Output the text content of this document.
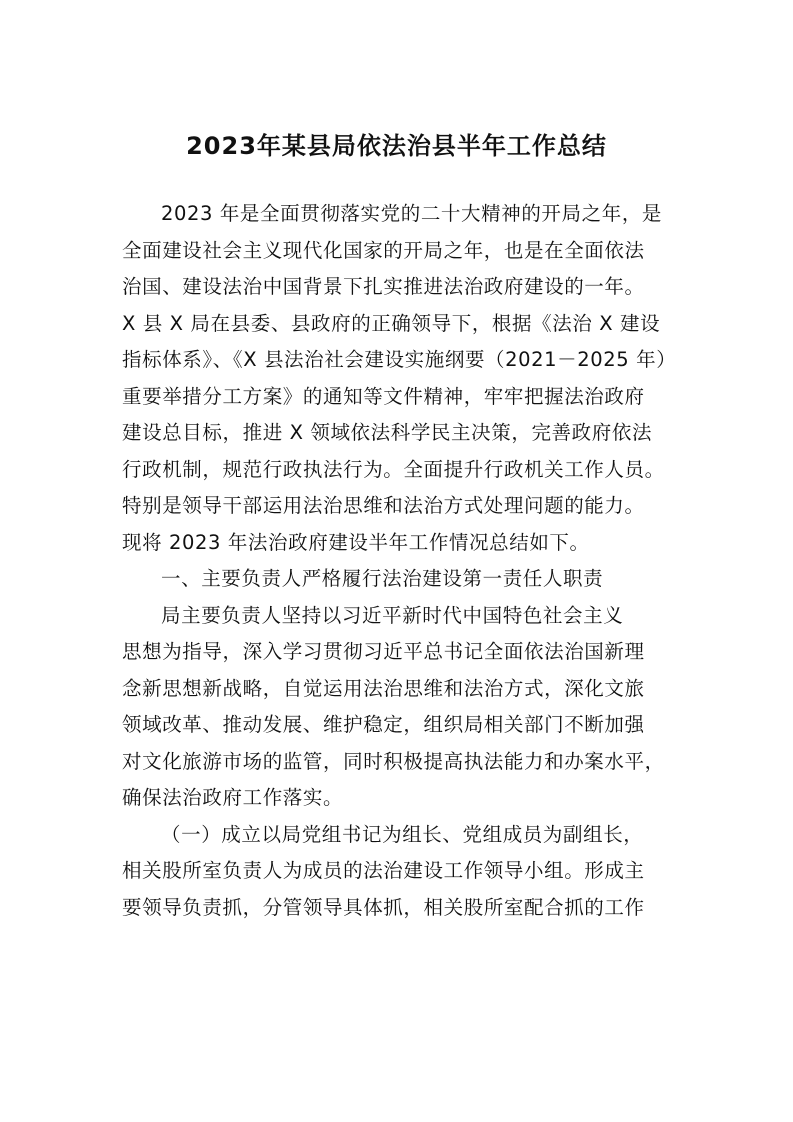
2023年某县局依法治县半年工作总结
2023 年是全面贯彻落实党的二十大精神的开局之年，是
全面建设社会主义现代化国家的开局之年，也是在全面依法
治国、建设法治中国背景下扎实推进法治政府建设的一年。
X 县 X 局在县委、县政府的正确领导下，根据《法治 X 建设
指标体系》、《X 县法治社会建设实施纲要（2021－2025 年）
重要举措分工方案》的通知等文件精神，牢牢把握法治政府
建设总目标，推进 X 领域依法科学民主决策，完善政府依法
行政机制，规范行政执法行为。全面提升行政机关工作人员。
特别是领导干部运用法治思维和法治方式处理问题的能力。
现将 2023 年法治政府建设半年工作情况总结如下。
一、主要负责人严格履行法治建设第一责任人职责
局主要负责人坚持以习近平新时代中国特色社会主义
思想为指导，深入学习贯彻习近平总书记全面依法治国新理
念新思想新战略，自觉运用法治思维和法治方式，深化文旅
领域改革、推动发展、维护稳定，组织局相关部门不断加强
对文化旅游市场的监管，同时积极提高执法能力和办案水平，
确保法治政府工作落实。
（一）成立以局党组书记为组长、党组成员为副组长，
相关股所室负责人为成员的法治建设工作领导小组。形成主
要领导负责抓，分管领导具体抓，相关股所室配合抓的工作
